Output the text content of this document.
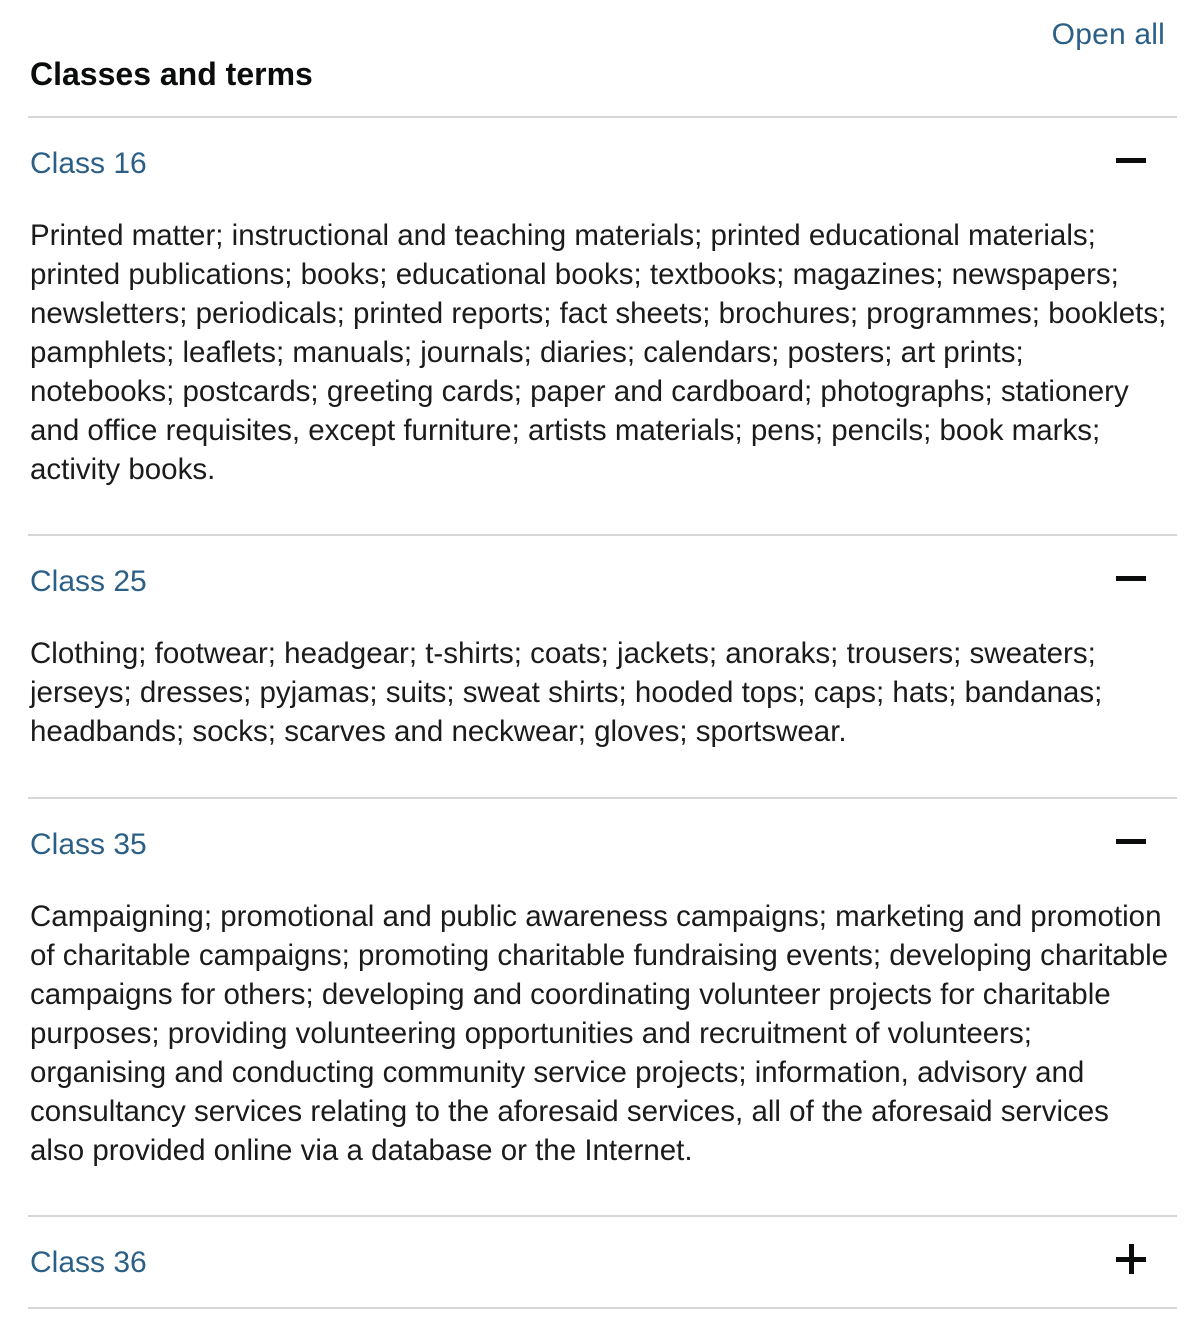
Open all
Classes and terms
Class 16

Printed matter; instructional and teaching materials; printed educational materials; printed publications; books; educational books; textbooks; magazines; newspapers; newsletters; periodicals; printed reports; fact sheets; brochures; programmes; booklets; pamphlets; leaflets; manuals; journals; diaries; calendars; posters; art prints; notebooks; postcards; greeting cards; paper and cardboard; photographs; stationery and office requisites, except furniture; artists materials; pens; pencils; book marks; activity books.

Class 25

Clothing; footwear; headgear; t-shirts; coats; jackets; anoraks; trousers; sweaters; jerseys; dresses; pyjamas; suits; sweat shirts; hooded tops; caps; hats; bandanas; headbands; socks; scarves and neckwear; gloves; sportswear.

Class 35

Campaigning; promotional and public awareness campaigns; marketing and promotion of charitable campaigns; promoting charitable fundraising events; developing charitable campaigns for others; developing and coordinating volunteer projects for charitable purposes; providing volunteering opportunities and recruitment of volunteers; organising and conducting community service projects; information, advisory and consultancy services relating to the aforesaid services, all of the aforesaid services also provided online via a database or the Internet.

Class 36
